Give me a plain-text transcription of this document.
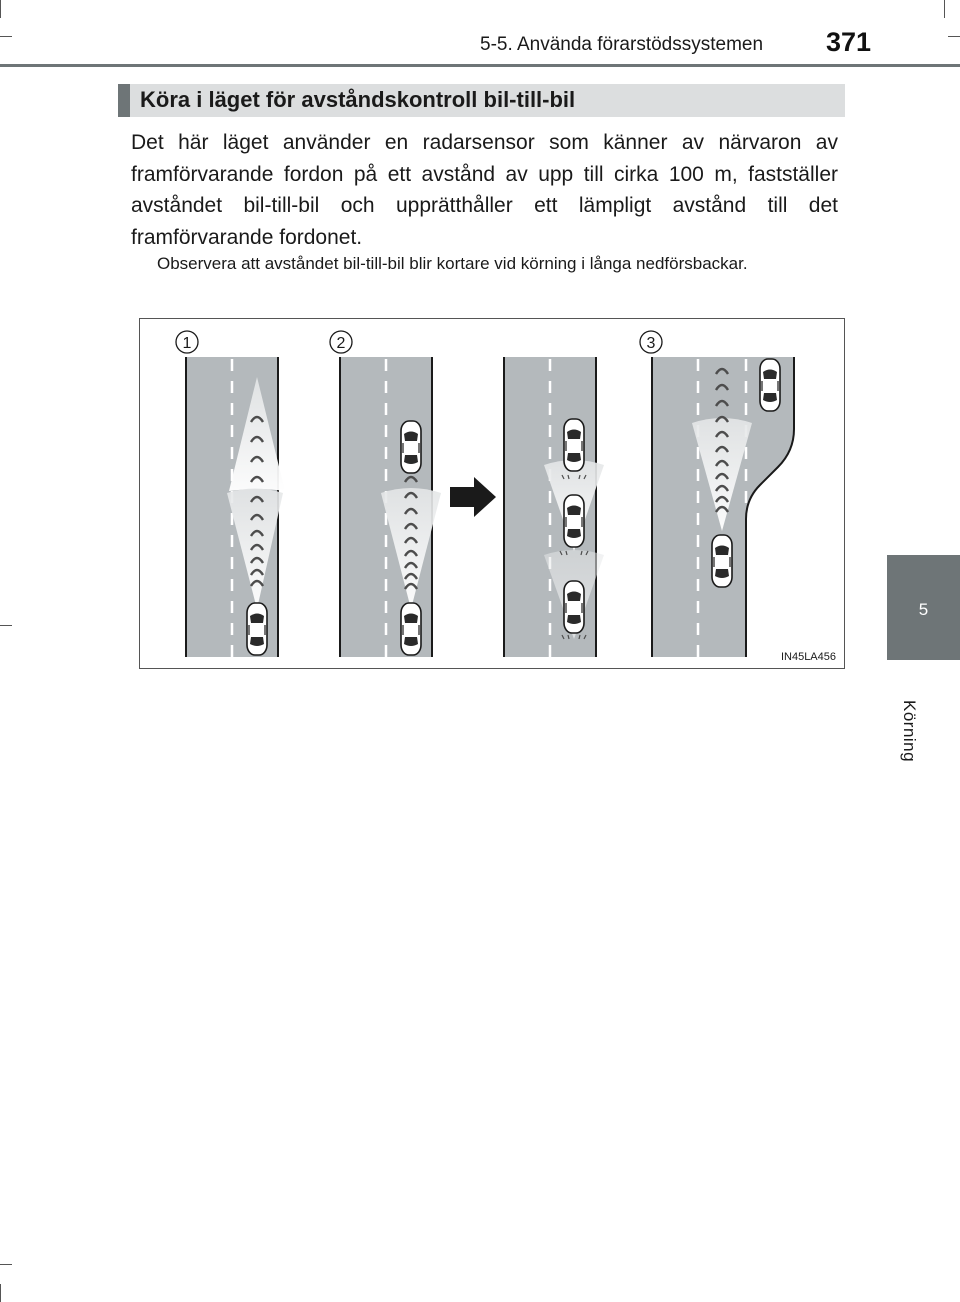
5-5. Använda förarstödssystemen	371
5
Körning
Köra i läget för avståndskontroll bil-till-bil

Det här läget använder en radarsensor som känner av närvaron av framförvarande fordon på ett avstånd av upp till cirka 100 m, fastställer avståndet bil-till-bil och upprätthåller ett lämpligt avstånd till det framförvarande fordonet.

Observera att avståndet bil-till-bil blir kortare vid körning i långa nedförsbackar.

1	2	3
IN45LA456
